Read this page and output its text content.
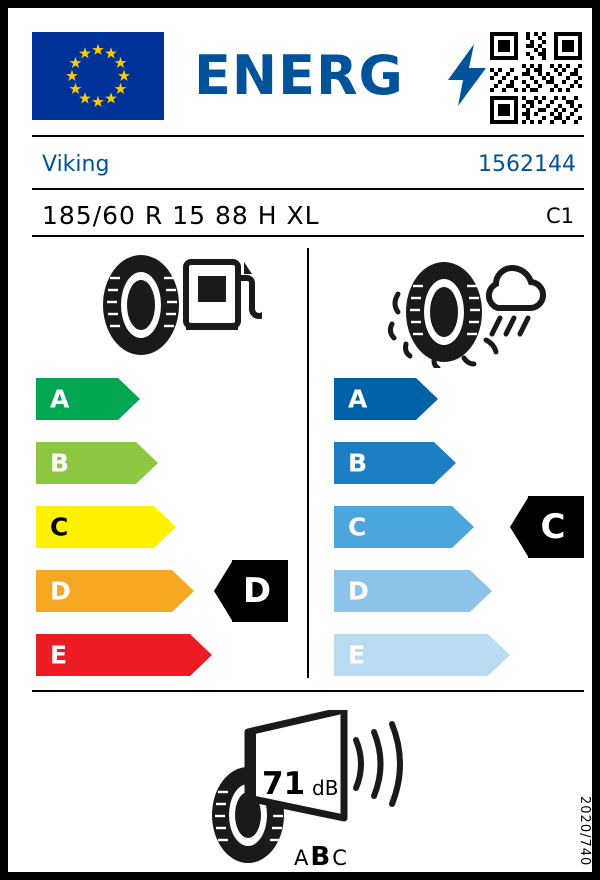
ENERG
Viking	1562144
185/60 R 15 88 H XL	C1
A
B
C
D
E
D
A
B
C
D
E
C
71 dB
ABC	2020/740
